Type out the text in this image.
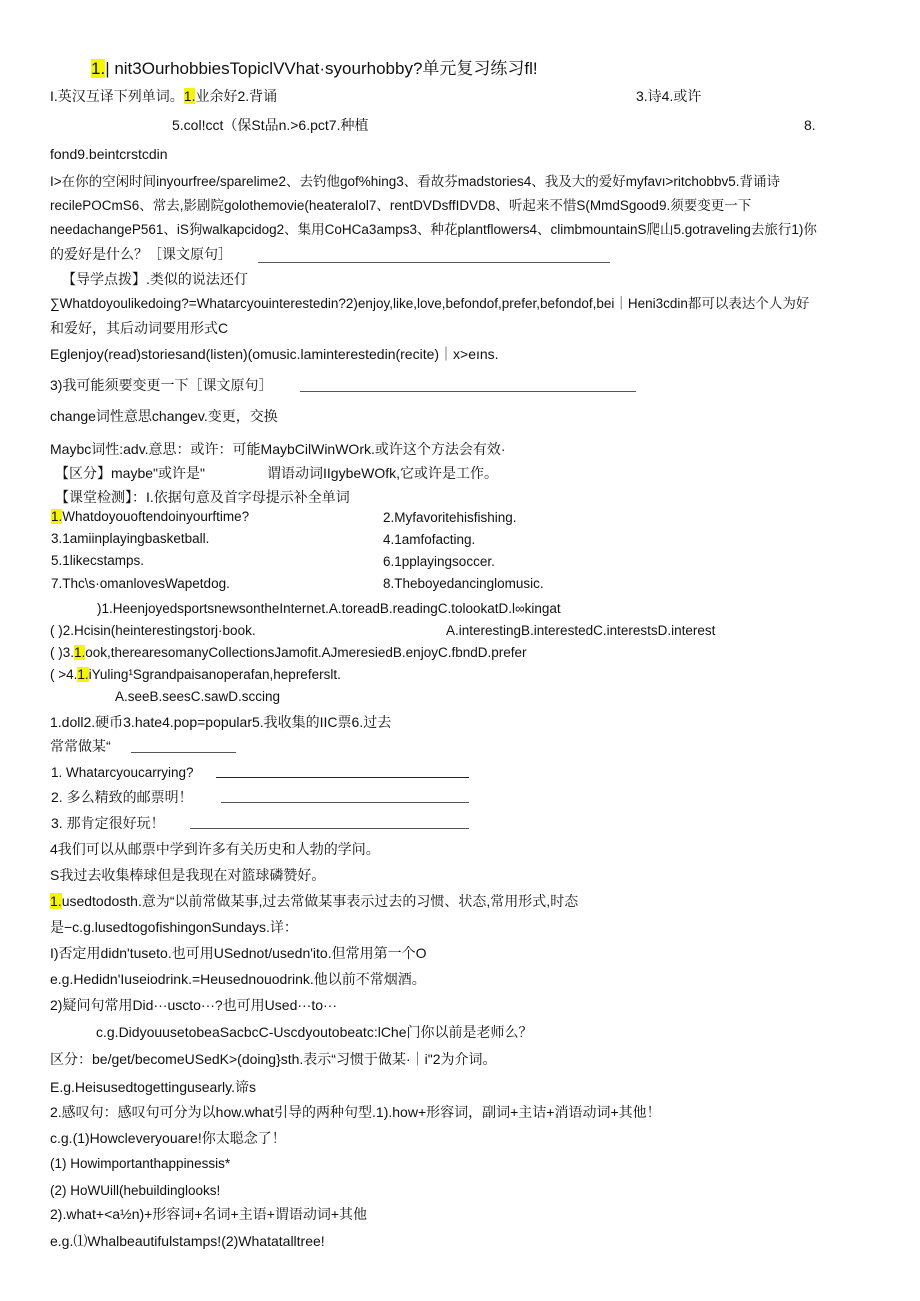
1.| nit3OurhobbiesTopiclVVhat·syourhobby?单元复习练习fl!
I.英汉互译下列单词。1.业余好2.背诵	3.诗4.或许
5.col!cct（保St品n.>6.pct7.种植	8.
fond9.beintcrstcdin
I>在你的空闲时间inyourfree/sparelime2、去钓他gof%hing3、看故芬madstories4、我及大的爱好myfavı>ritchobbv5.背诵诗
recilePOCmS6、常去,影剧院golothemovie(heateraIol7、rentDVDsffIDVD8、听起来不惜S(MmdSgood9.须要变更一下
needachangeP561、iS狗walkapcidog2、集用CoHCa3amps3、种花plantflowers4、climbmountainS爬山5.gotraveling去旅行1)你
的爱好是什么？［课文原句］
【导学点拨】.类似的说法还仃
∑Whatdoyoulikedoing?=Whatarcyouinterestedin?2)enjoy,like,love,befondof,prefer,befondof,bei｜Heni3cdin都可以表达个人为好
和爱好，其后动词要用形式C
Eglenjoy(read)storiesand(listen)(omusic.lаminterestedin(recite)｜x>eıns.
3)我可能须要变更一下［课文原句］
change词性意思changev.变更，交换
Maybc词性:adv.意思：或许：可能MaybCilWinWOrk.或许这个方法会有效·
【区分】maybe"或许是"	谓语动词IIgybeWOfk,它或许是工作。
【课堂检测】：I.依据句意及首字母提示补全单词
1.Whatdoyouoftendoinyourftime?	2.Myfavoritehisfishing.
3.1amiinplayingbasketball.	4.1amfofacting.
5.1likecstamps.	6.1pplayingsoccer.
7.Thc\s·omanlovesWapetdog.	8.Theboyedancinglomusic.
)1.HeenjoyedsportsnewsontheInternet.A.toreadB.readingC.tolookatD.l∞kingat
( )2.Hcisin(heinterestingstorj·book.	A.interestingB.interestedC.interestsD.interest
( )3.1.ook,therearesomanyCollectionsJamofit.AJmeresiedB.enjoyC.fbndD.prefer
( >4.1.iYuling¹Sgrandpaisanoperafan,hepreferslt.
A.seeB.seesC.sawD.sccing
1.doll2.硬币3.hate4.pop=popular5.我收集的IIC票6.过去
常常做某“
1. Whatarcyoucarrying?
2. 多么精致的邮票明！
3. 那肯定很好玩！
4我们可以从邮票中学到许多有关历史和人勃的学问。
S我过去收集棒球但是我现在对篮球磷赞好。
1.usedtodosth.意为“以前常做某事,过去常做某事表示过去的习惯、状态,常用形式,时态
是−c.g.lusedtogofishingonSundays.详：
I)否定用didn'tuseto.也可用USednot/usedn'ito.但常用第一个O
e.g.Hedidn'Iuseiodrink.=Heusednouodrink.他以前不常烟酒。
2)疑问句常用Did···uscto···?也可用Used···to···
c.g.DidyouusetobeaSacbcC-Uscdyoutobeatc:lChe门你以前是老师么？
区分：be/get/becomeUSedK>(doing}sth.表示“习惯于做某·｜i"2为介词。
E.g.Heisusedtogettingusearly.谛s
2.感叹句：感叹句可分为以how.what引导的两种句型.1).how+形容词，副词+主诘+消语动词+其他！
c.g.(1)Howcleveryouare!你太聪念了！
(1) Howimportanthappinessis*
(2) HoWUill(hebuildinglooks!
2).what+<a½n)+形容词+名词+主语+谓语动词+其他
e.g.⑴Whalbeautifulstamps!(2)Whatatalltree!
